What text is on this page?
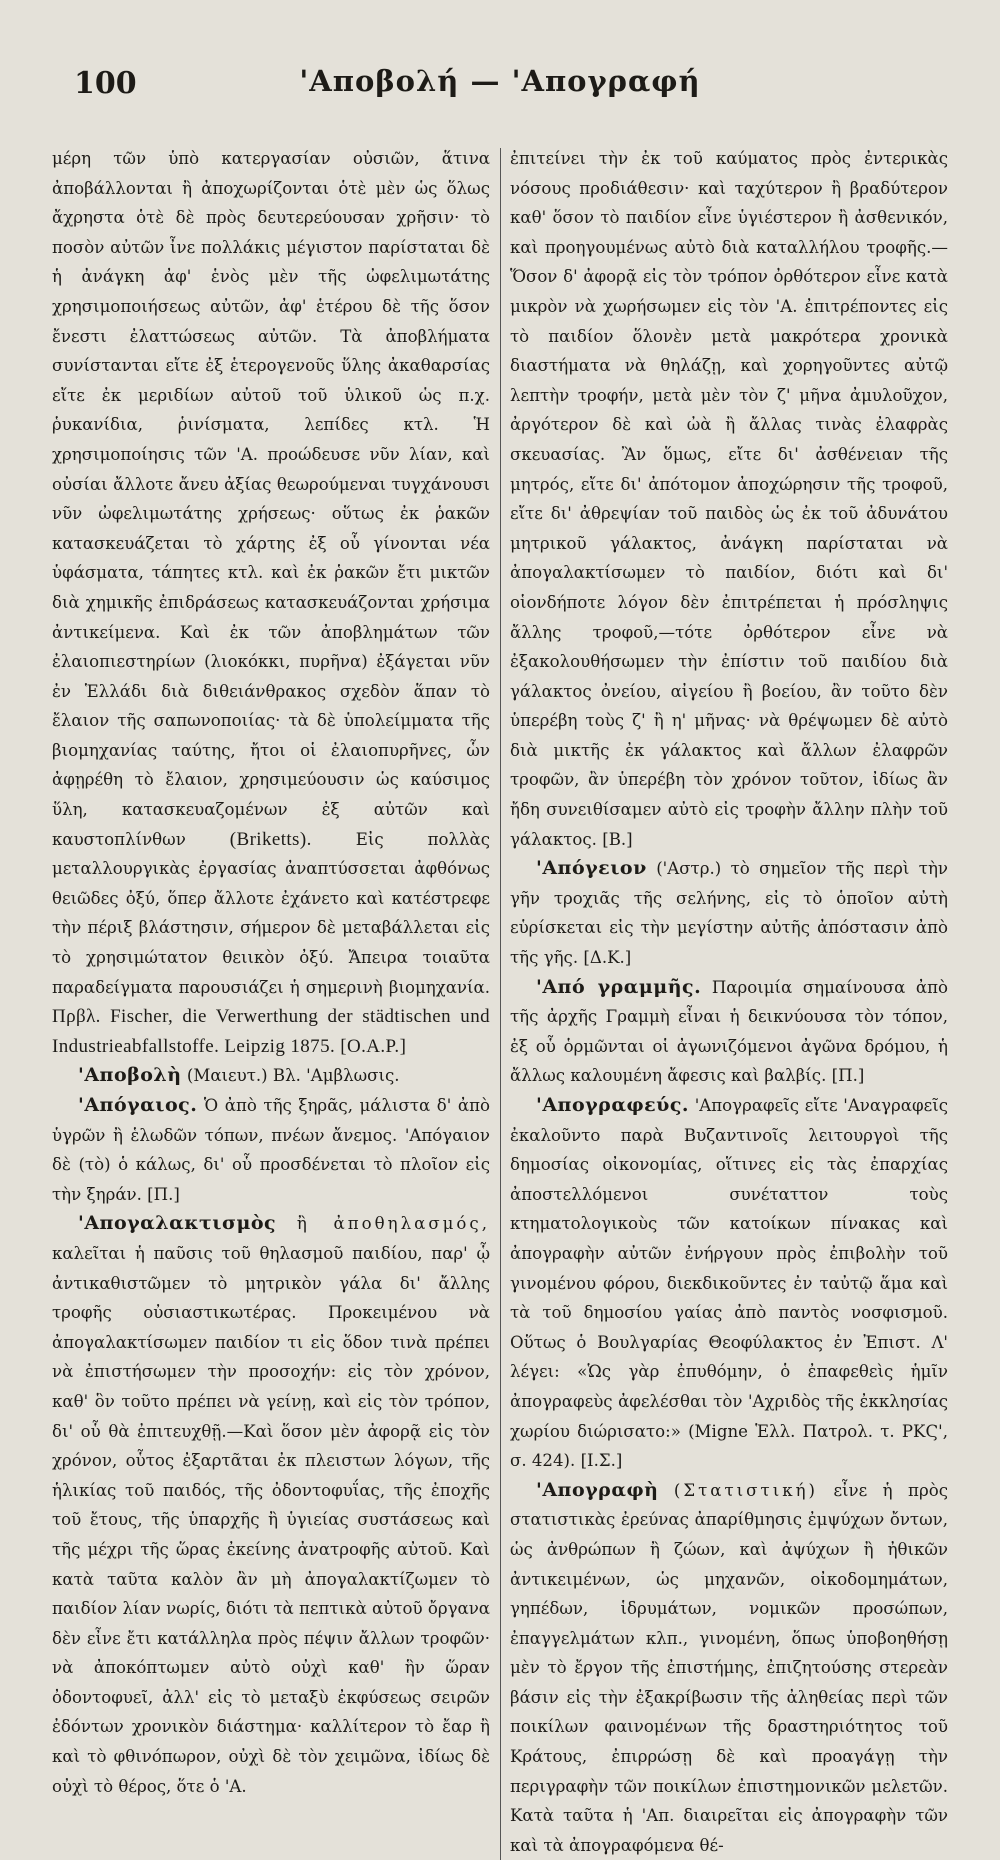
100	'Αποβολή — 'Απογραφή

μέρη τῶν ὑπὸ κατεργασίαν οὐσιῶν, ἅτινα ἀποβάλλονται ἢ ἀποχωρίζονται ὁτὲ μὲν ὡς ὅλως ἄχρηστα ὁτὲ δὲ πρὸς δευτερεύουσαν χρῆσιν· τὸ ποσὸν αὐτῶν ἶνε πολλάκις μέγιστον παρίσταται δὲ ἡ ἀνάγκη ἀφ' ἑνὸς μὲν τῆς ὠφελιμωτάτης χρησιμοποιήσεως αὐτῶν, ἀφ' ἑτέρου δὲ τῆς ὅσον ἔνεστι ἐλαττώσεως αὐτῶν. Τὰ ἀποβλήματα συνίστανται εἴτε ἐξ ἑτερογενοῦς ὕλης ἀκαθαρσίας εἴτε ἐκ μεριδίων αὐτοῦ τοῦ ὑλικοῦ ὡς π.χ. ῥυκανίδια, ῥινίσματα, λεπίδες κτλ. Ἡ χρησιμοποίησις τῶν 'Α. προώδευσε νῦν λίαν, καὶ οὐσίαι ἄλλοτε ἄνευ ἀξίας θεωρούμεναι τυγχάνουσι νῦν ὠφελιμωτάτης χρήσεως· οὕτως ἐκ ῥακῶν κατασκευάζεται τὸ χάρτης ἐξ οὗ γίνονται νέα ὑφάσματα, τάπητες κτλ. καὶ ἐκ ῥακῶν ἔτι μικτῶν διὰ χημικῆς ἐπιδράσεως κατασκευάζονται χρήσιμα ἀντικείμενα. Καὶ ἐκ τῶν ἀποβλημάτων τῶν ἐλαιοπιεστηρίων (λιοκόκκι, πυρῆνα) ἐξάγεται νῦν ἐν Ἑλλάδι διὰ διθειάνθρακος σχεδὸν ἅπαν τὸ ἔλαιον τῆς σαπωνοποιίας· τὰ δὲ ὑπολείμματα τῆς βιομηχανίας ταύτης, ἤτοι οἱ ἐλαιοπυρῆνες, ὧν ἀφῃρέθη τὸ ἔλαιον, χρησιμεύουσιν ὡς καύσιμος ὕλη, κατασκευαζομένων ἐξ αὐτῶν καὶ καυστοπλίνθων (Briketts).	Εἰς πολλὰς μεταλλουργικὰς ἐργασίας ἀναπτύσσεται ἀφθόνως θειῶδες ὀξύ, ὅπερ ἄλλοτε ἐχάνετο καὶ κατέστρεφε τὴν πέριξ βλάστησιν, σήμερον δὲ μεταβάλλεται εἰς τὸ χρησιμώτατον θειικὸν ὀξύ. Ἄπειρα τοιαῦτα παραδείγματα παρουσιάζει ἡ σημερινὴ βιομηχανία. Πρβλ. Fischer, die Verwerthung der städtischen und Industrieabfallstoffe. Leipzig 1875. [Ο.Α.Ρ.]

'Αποβολὴ (Μαιευτ.) Βλ. 'Αμβλωσις.

'Απόγαιος. Ὁ ἀπὸ τῆς ξηρᾶς, μάλιστα δ' ἀπὸ ὑγρῶν ἢ ἑλωδῶν τόπων, πνέων ἄνεμος. 'Απόγαιον δὲ (τὸ) ὁ κάλως, δι' οὗ προσδένεται τὸ πλοῖον εἰς τὴν ξηράν. [Π.]

'Απογαλακτισμὸς ἢ ἀποθηλασμός, καλεῖται ἡ παῦσις τοῦ θηλασμοῦ παιδίου, παρ' ᾧ ἀντικαθιστῶμεν τὸ μητρικὸν γάλα δι' ἄλλης τροφῆς οὐσιαστικωτέρας. Προκειμένου νὰ ἀπογαλακτίσωμεν παιδίον τι εἰς ὅδον τινὰ πρέπει νὰ ἐπιστήσωμεν τὴν προσοχήν: εἰς τὸν χρόνον, καθ' ὃν τοῦτο πρέπει νὰ γείνῃ, καὶ εἰς τὸν τρόπον, δι' οὗ θὰ ἐπιτευχθῇ.—Καὶ ὅσον μὲν ἀφορᾷ εἰς τὸν χρόνον, οὗτος ἐξαρτᾶται ἐκ πλειστων λόγων, τῆς ἡλικίας τοῦ παιδός, τῆς ὀδοντοφυΐας, τῆς ἐποχῆς τοῦ ἔτους, τῆς ὑπαρχῆς ἢ ὑγιείας συστάσεως καὶ τῆς μέχρι τῆς ὥρας ἐκείνης ἀνατροφῆς αὐτοῦ. Καὶ κατὰ ταῦτα καλὸν ἂν μὴ ἀπογαλακτίζωμεν τὸ παιδίον λίαν νωρίς, διότι τὰ πεπτικὰ αὐτοῦ ὄργανα δὲν εἶνε ἔτι κατάλληλα πρὸς πέψιν ἄλλων τροφῶν· νὰ ἀποκόπτωμεν αὐτὸ οὐχὶ καθ' ἣν ὥραν ὀδοντοφυεῖ, ἀλλ' εἰς τὸ μεταξὺ ἐκφύσεως σειρῶν ἐδόντων χρονικὸν διάστημα· καλλίτερον τὸ ἔαρ ἢ καὶ τὸ φθινόπωρον, οὐχὶ δὲ τὸν χειμῶνα, ἰδίως δὲ οὐχὶ τὸ θέρος, ὅτε ὁ 'Α.

ἐπιτείνει τὴν ἐκ τοῦ καύματος πρὸς ἐντερικὰς νόσους προδιάθεσιν· καὶ ταχύτερον ἢ βραδύτερον καθ' ὅσον τὸ παιδίον εἶνε ὑγιέστερον ἢ ἀσθενικόν, καὶ προηγουμένως αὐτὸ διὰ καταλλήλου τροφῆς.—Ὅσον δ' ἀφορᾷ εἰς τὸν τρόπον ὀρθότερον εἶνε κατὰ μικρὸν νὰ χωρήσωμεν εἰς τὸν 'Α. ἐπιτρέποντες εἰς τὸ παιδίον ὅλονὲν μετὰ μακρότερα χρονικὰ διαστήματα νὰ θηλάζῃ, καὶ χορηγοῦντες αὐτῷ λεπτὴν τροφήν, μετὰ μὲν τὸν ζ' μῆνα ἀμυλοῦχον, ἀργότερον δὲ καὶ ὠὰ ἢ ἄλλας τινὰς ἐλαφρὰς σκευασίας. Ἂν ὅμως, εἴτε δι' ἀσθένειαν τῆς μητρός, εἴτε δι' ἀπότομον ἀποχώρησιν τῆς τροφοῦ, εἴτε δι' ἀθρεψίαν τοῦ παιδὸς ὡς ἐκ τοῦ ἀδυνάτου μητρικοῦ γάλακτος, ἀνάγκη παρίσταται νὰ ἀπογαλακτίσωμεν τὸ παιδίον, διότι καὶ δι' οἱονδήποτε λόγον δὲν ἐπιτρέπεται ἡ πρόσληψις ἄλλης τροφοῦ,—τότε ὀρθότερον εἶνε νὰ ἐξακολουθήσωμεν τὴν ἐπίστιν τοῦ παιδίου διὰ γάλακτος ὀνείου, αἰγείου ἢ βοείου, ἂν τοῦτο δὲν ὑπερέβη τοὺς ζ' ἢ η' μῆνας· νὰ θρέψωμεν δὲ αὐτὸ διὰ μικτῆς ἐκ γάλακτος καὶ ἄλλων ἐλαφρῶν τροφῶν, ἂν ὑπερέβη τὸν χρόνον τοῦτον, ἰδίως ἂν ἤδη συνειθίσαμεν αὐτὸ εἰς τροφὴν ἄλλην πλὴν τοῦ γάλακτος. [Β.]

'Απόγειον ('Αστρ.) τὸ σημεῖον τῆς περὶ τὴν γῆν τροχιᾶς τῆς σελήνης, εἰς τὸ ὁποῖον αὐτὴ εὑρίσκεται εἰς τὴν μεγίστην αὐτῆς ἀπόστασιν ἀπὸ τῆς γῆς. [Δ.Κ.]

'Από γραμμῆς. Παροιμία σημαίνουσα ἀπὸ τῆς ἀρχῆς Γραμμὴ εἶναι ἡ δεικνύουσα τὸν τόπον, ἐξ οὗ ὁρμῶνται οἱ ἀγωνιζόμενοι ἀγῶνα δρόμου, ἡ ἄλλως καλουμένη ἄφεσις καὶ βαλβίς. [Π.]

'Απογραφεύς. 'Απογραφεῖς εἴτε 'Αναγραφεῖς ἐκαλοῦντο παρὰ Βυζαντινοῖς λειτουργοὶ τῆς δημοσίας οἰκονομίας, οἵτινες εἰς τὰς ἐπαρχίας ἀποστελλόμενοι συνέταττον τοὺς κτηματολογικοὺς τῶν κατοίκων πίνακας καὶ ἀπογραφὴν αὐτῶν ἐνήργουν πρὸς ἐπιβολὴν τοῦ γινομένου φόρου, διεκδικοῦντες ἐν ταὐτῷ ἅμα καὶ τὰ τοῦ δημοσίου γαίας ἀπὸ παντὸς νοσφισμοῦ. Οὕτως ὁ Βουλγαρίας Θεοφύλακτος ἐν Ἐπιστ. Λ' λέγει: «Ὡς γὰρ ἐπυθόμην, ὁ ἐπαφεθεὶς ἡμῖν ἀπογραφεὺς ἀφελέσθαι τὸν 'Αχριδὸς τῆς ἐκκλησίας χωρίου διώρισατο:» (Migne Ἑλλ. Πατρολ. τ. ΡΚϚ', σ. 424). [Ι.Σ.]

'Απογραφὴ (Στατιστική) εἶνε ἡ πρὸς στατιστικὰς ἐρεύνας ἀπαρίθμησις ἐμψύχων ὄντων, ὡς ἀνθρώπων ἢ ζώων, καὶ ἀψύχων ἢ ἠθικῶν ἀντικειμένων, ὡς μηχανῶν, οἰκοδομημάτων, γηπέδων, ἱδρυμάτων, νομικῶν προσώπων, ἐπαγγελμάτων κλπ., γινομένη, ὅπως ὑποβοηθήσῃ μὲν τὸ ἔργον τῆς ἐπιστήμης, ἐπιζητούσης στερεὰν βάσιν εἰς τὴν ἐξακρίβωσιν τῆς ἀληθείας περὶ τῶν ποικίλων φαινομένων τῆς δραστηριότητος τοῦ Κράτους, ἐπιρρώσῃ δὲ καὶ προαγάγῃ τὴν περιγραφὴν τῶν ποικίλων ἐπιστημονικῶν μελετῶν. Κατὰ ταῦτα ἡ 'Απ. διαιρεῖται εἰς ἀπογραφὴν τῶν καὶ τὰ ἀπογραφόμενα θέ-
